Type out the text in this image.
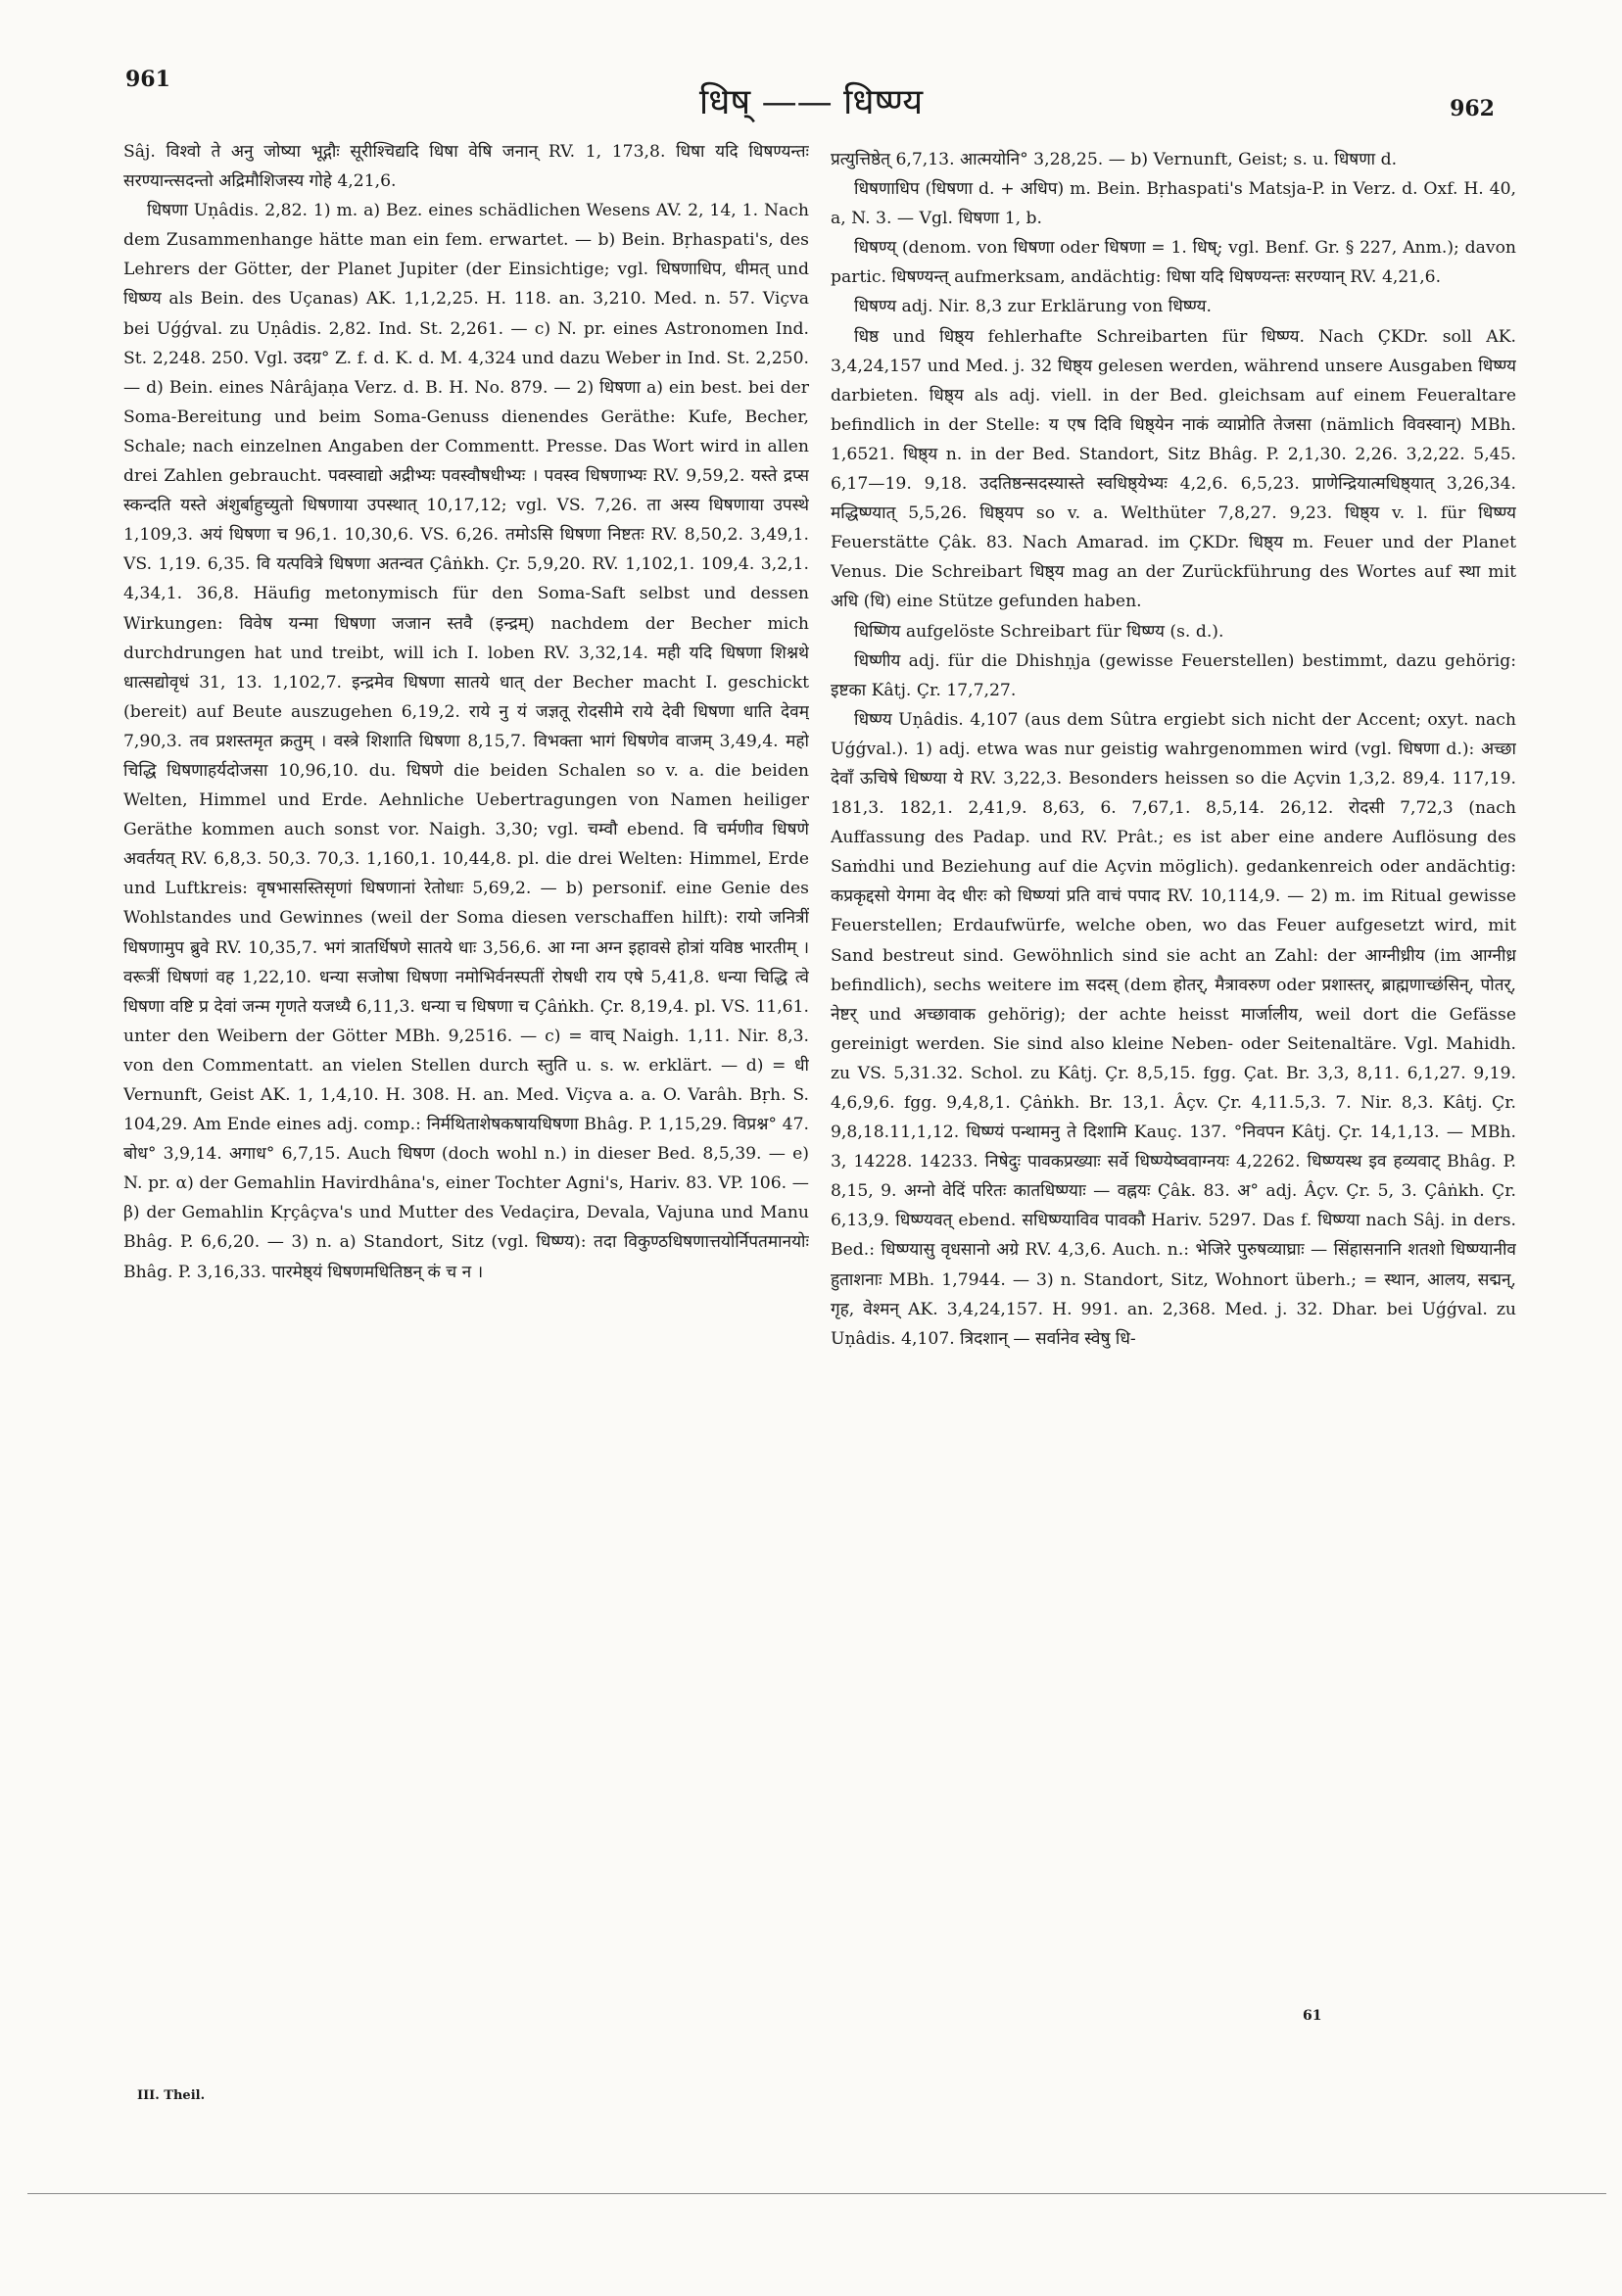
961
धिष् —— धिष्ण्य	962

Sâj. विश्वो ते अनु जोष्या भूद्गौः सूरीश्चिद्यदि धिषा वेषि जनान् RV. 1, 173,8. धिषा यदि धिषण्यन्तः सरण्यान्त्सदन्तो अद्रिमौशिजस्य गोहे 4,21,6.

धिषणा Uṇâdis. 2,82. 1) m. a) Bez. eines schädlichen Wesens AV. 2, 14, 1. Nach dem Zusammenhange hätte man ein fem. erwartet. — b) Bein. Bṛhaspati's, des Lehrers der Götter, der Planet Jupiter (der Einsichtige; vgl. धिषणाधिप, धीमत् und धिष्ण्य als Bein. des Uçanas) AK. 1,1,2,25. H. 118. an. 3,210. Med. n. 57. Viçva bei Uǵǵval. zu Uṇâdis. 2,82. Ind. St. 2,261. — c) N. pr. eines Astronomen Ind. St. 2,248. 250. Vgl. उदग्र° Z. f. d. K. d. M. 4,324 und dazu Weber in Ind. St. 2,250. — d) Bein. eines Nârâjaṇa Verz. d. B. H. No. 879. — 2) धिषणा a) ein best. bei der Soma-Bereitung und beim Soma-Genuss dienendes Geräthe: Kufe, Becher, Schale; nach einzelnen Angaben der Commentt. Presse. Das Wort wird in allen drei Zahlen gebraucht. पवस्वाद्यो अद्रीभ्यः पवस्वौषधीभ्यः । पवस्व धिषणाभ्यः RV. 9,59,2. यस्ते द्रप्स स्कन्दति यस्ते अंशुर्बाहुच्युतो धिषणाया उपस्थात् 10,17,12; vgl. VS. 7,26. ता अस्य धिषणाया उपस्थे 1,109,3. अयं धिषणा च 96,1. 10,30,6. VS. 6,26. तमोऽसि धिषणा निष्टतः RV. 8,50,2. 3,49,1. VS. 1,19. 6,35. वि यत्पवित्रे धिषणा अतन्वत Çâṅkh. Çr. 5,9,20. RV. 1,102,1. 109,4. 3,2,1. 4,34,1. 36,8. Häufig metonymisch für den Soma-Saft selbst und dessen Wirkungen: विवेष यन्मा धिषणा जजान स्तवै (इन्द्रम्) nachdem der Becher mich durchdrungen hat und treibt, will ich I. loben RV. 3,32,14. मही यदि धिषणा शिश्नथे धात्सद्योवृधं 31, 13. 1,102,7. इन्द्रमेव धिषणा सातये धात् der Becher macht I. geschickt (bereit) auf Beute auszugehen 6,19,2. राये नु यं जज्ञतू रोदसीमे राये देवी धिषणा धाति देवम् 7,90,3. तव प्रशस्तमृत क्रतुम् । वस्त्रे शिशाति धिषणा 8,15,7. विभक्ता भागं धिषणेव वाजम् 3,49,4. महो चिद्धि धिषणाहर्यदोजसा 10,96,10. du. धिषणे die beiden Schalen so v. a. die beiden Welten, Himmel und Erde. Aehnliche Uebertragungen von Namen heiliger Geräthe kommen auch sonst vor. Naigh. 3,30; vgl. चम्वौ ebend. वि चर्मणीव धिषणे अवर्तयत् RV. 6,8,3. 50,3. 70,3. 1,160,1. 10,44,8. pl. die drei Welten: Himmel, Erde und Luftkreis: वृषभासस्तिसृणां धिषणानां रेतोधाः 5,69,2. — b) personif. eine Genie des Wohlstandes und Gewinnes (weil der Soma diesen verschaffen hilft): रायो जनित्रीं धिषणामुप ब्रुवे RV. 10,35,7. भगं त्रातर्धिषणे सातये धाः 3,56,6. आ ग्ना अग्न इहावसे होत्रां यविष्ठ भारतीम् । वरूत्रीं धिषणां वह 1,22,10. धन्या सजोषा धिषणा नमोभिर्वनस्पतीं रोषधी राय एषे 5,41,8. धन्या चिद्धि त्वे धिषणा वष्टि प्र देवां जन्म गृणते यजध्यै 6,11,3. धन्या च धिषणा च Çâṅkh. Çr. 8,19,4. pl. VS. 11,61. unter den Weibern der Götter MBh. 9,2516. — c) = वाच् Naigh. 1,11. Nir. 8,3. von den Commentatt. an vielen Stellen durch स्तुति u. s. w. erklärt. — d) = धी Vernunft, Geist AK. 1, 1,4,10. H. 308. H. an. Med. Viçva a. a. O. Varâh. Bṛh. S. 104,29. Am Ende eines adj. comp.: निर्मथिताशेषकषायधिषणा Bhâg. P. 1,15,29. विप्रश्न° 47. बोध° 3,9,14. अगाध° 6,7,15. Auch धिषण (doch wohl n.) in dieser Bed. 8,5,39. — e) N. pr. α) der Gemahlin Havirdhâna's, einer Tochter Agni's, Hariv. 83. VP. 106. — β) der Gemahlin Kṛçâçva's und Mutter des Vedaçira, Devala, Vajuna und Manu Bhâg. P. 6,6,20. — 3) n. a) Standort, Sitz (vgl. धिष्ण्य): तदा विकुण्ठधिषणात्तयोर्निपतमानयोः Bhâg. P. 3,16,33. पारमेष्ठ्यं धिषणमधितिष्ठन् कं च न ।

प्रत्युत्तिष्ठेत् 6,7,13. आत्मयोनि° 3,28,25. — b) Vernunft, Geist; s. u. धिषणा d.

धिषणाधिप (धिषणा d. + अधिप) m. Bein. Bṛhaspati's Matsja-P. in Verz. d. Oxf. H. 40, a, N. 3. — Vgl. धिषणा 1, b.

धिषण्य् (denom. von धिषणा oder धिषणा = 1. धिष्; vgl. Benf. Gr. § 227, Anm.); davon partic. धिषण्यन्त् aufmerksam, andächtig: धिषा यदि धिषण्यन्तः सरण्यान् RV. 4,21,6.

धिषण्य adj. Nir. 8,3 zur Erklärung von धिष्ण्य.

धिष्ठ und धिष्ठ्य fehlerhafte Schreibarten für धिष्ण्य. Nach ÇKDr. soll AK. 3,4,24,157 und Med. j. 32 धिष्ठ्य gelesen werden, während unsere Ausgaben धिष्ण्य darbieten. धिष्ठ्य als adj. viell. in der Bed. gleichsam auf einem Feueraltare befindlich in der Stelle: य एष दिवि धिष्ठ्येन नाकं व्याप्नोति तेजसा (nämlich विवस्वान्) MBh. 1,6521. धिष्ठ्य n. in der Bed. Standort, Sitz Bhâg. P. 2,1,30. 2,26. 3,2,22. 5,45. 6,17—19. 9,18. उदतिष्ठन्सदस्यास्ते स्वधिष्ठ्येभ्यः 4,2,6. 6,5,23. प्राणेन्द्रियात्मधिष्ठ्यात् 3,26,34. मद्धिष्ण्यात् 5,5,26. धिष्ठ्यप so v. a. Welthüter 7,8,27. 9,23. धिष्ठ्य v. l. für धिष्ण्य Feuerstätte Çâk. 83. Nach Amarad. im ÇKDr. धिष्ठ्य m. Feuer und der Planet Venus. Die Schreibart धिष्ठ्य mag an der Zurückführung des Wortes auf स्था mit अधि (धि) eine Stütze gefunden haben.

धिष्णिय aufgelöste Schreibart für धिष्ण्य (s. d.).

धिष्णीय adj. für die Dhishṇja (gewisse Feuerstellen) bestimmt, dazu gehörig: इष्टका Kâtj. Çr. 17,7,27.

धिष्ण्य Uṇâdis. 4,107 (aus dem Sûtra ergiebt sich nicht der Accent; oxyt. nach Uǵǵval.). 1) adj. etwa was nur geistig wahrgenommen wird (vgl. धिषणा d.): अच्छा देवाँ ऊचिषे धिष्ण्या ये RV. 3,22,3. Besonders heissen so die Açvin 1,3,2. 89,4. 117,19. 181,3. 182,1. 2,41,9. 8,63, 6. 7,67,1. 8,5,14. 26,12. रोदसी 7,72,3 (nach Auffassung des Padap. und RV. Prât.; es ist aber eine andere Auflösung des Saṁdhi und Beziehung auf die Açvin möglich). gedankenreich oder andächtig: कप्रकृद्दसो येगमा वेद धीरः को धिष्ण्यां प्रति वाचं पपाद RV. 10,114,9. — 2) m. im Ritual gewisse Feuerstellen; Erdaufwürfe, welche oben, wo das Feuer aufgesetzt wird, mit Sand bestreut sind. Gewöhnlich sind sie acht an Zahl: der आग्नीध्रीय (im आग्नीध्र befindlich), sechs weitere im सदस् (dem होतर्, मैत्रावरुण oder प्रशास्तर्, ब्राह्मणाच्छंसिन्, पोतर्, नेष्टर् und अच्छावाक gehörig); der achte heisst मार्जालीय, weil dort die Gefässe gereinigt werden. Sie sind also kleine Neben- oder Seitenaltäre. Vgl. Mahidh. zu VS. 5,31.32. Schol. zu Kâtj. Çr. 8,5,15. fgg. Çat. Br. 3,3, 8,11. 6,1,27. 9,19. 4,6,9,6. fgg. 9,4,8,1. Çâṅkh. Br. 13,1. Âçv. Çr. 4,11.5,3. 7. Nir. 8,3. Kâtj. Çr. 9,8,18.11,1,12. धिष्ण्यं पन्थामनु ते दिशामि Kauç. 137. °निवपन Kâtj. Çr. 14,1,13. — MBh. 3, 14228. 14233. निषेदुः पावकप्रख्याः सर्वे धिष्ण्येष्ववाग्नयः 4,2262. धिष्ण्यस्थ इव हव्यवाट् Bhâg. P. 8,15, 9. अग्नो वेदिं परितः कातधिष्ण्याः — वह्नयः Çâk. 83. अ° adj. Âçv. Çr. 5, 3. Çâṅkh. Çr. 6,13,9. धिष्ण्यवत् ebend. सधिष्ण्याविव पावकौ Hariv. 5297. Das f. धिष्ण्या nach Sâj. in ders. Bed.: धिष्ण्यासु वृधसानो अग्रे RV. 4,3,6. Auch. n.: भेजिरे पुरुषव्याघ्राः — सिंहासनानि शतशो धिष्ण्यानीव हुताशनाः MBh. 1,7944. — 3) n. Standort, Sitz, Wohnort überh.; = स्थान, आलय, सद्मन्, गृह, वेश्मन् AK. 3,4,24,157. H. 991. an. 2,368. Med. j. 32. Dhar. bei Uǵǵval. zu Uṇâdis. 4,107. त्रिदशान् — सर्वानेव स्वेषु धि-

III. Theil.
61
